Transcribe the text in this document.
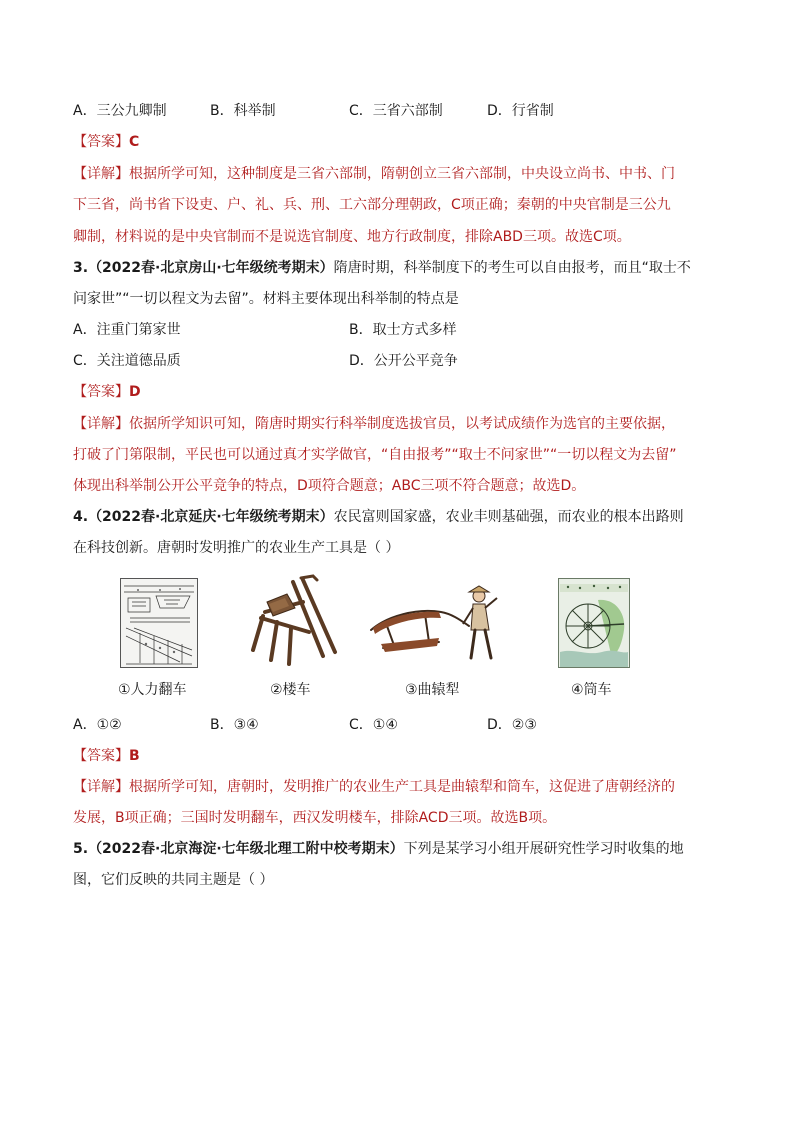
A．三公九卿制	B．科举制	C．三省六部制	D．行省制
【答案】C
【详解】根据所学可知，这种制度是三省六部制，隋朝创立三省六部制，中央设立尚书、中书、门
下三省，尚书省下设吏、户、礼、兵、刑、工六部分理朝政，C项正确；秦朝的中央官制是三公九
卿制，材料说的是中央官制而不是说选官制度、地方行政制度，排除ABD三项。故选C项。
3.（2022春·北京房山·七年级统考期末）隋唐时期，科举制度下的考生可以自由报考，而且“取士不
问家世”“一切以程文为去留”。材料主要体现出科举制的特点是
A．注重门第家世	B．取士方式多样
C．关注道德品质	D．公开公平竞争
【答案】D
【详解】依据所学知识可知，隋唐时期实行科举制度选拔官员，以考试成绩作为选官的主要依据，
打破了门第限制，平民也可以通过真才实学做官，“自由报考”“取士不问家世”“一切以程文为去留”
体现出科举制公开公平竞争的特点，D项符合题意；ABC三项不符合题意；故选D。
4.（2022春·北京延庆·七年级统考期末）农民富则国家盛，农业丰则基础强，而农业的根本出路则
在科技创新。唐朝时发明推广的农业生产工具是（ ）
①人力翻车	②楼车	③曲辕犁	④筒车
A．①②	B．③④	C．①④	D．②③
【答案】B
【详解】根据所学可知，唐朝时，发明推广的农业生产工具是曲辕犁和筒车，这促进了唐朝经济的
发展，B项正确；三国时发明翻车，西汉发明楼车，排除ACD三项。故选B项。
5.（2022春·北京海淀·七年级北理工附中校考期末）下列是某学习小组开展研究性学习时收集的地
图，它们反映的共同主题是（ ）
